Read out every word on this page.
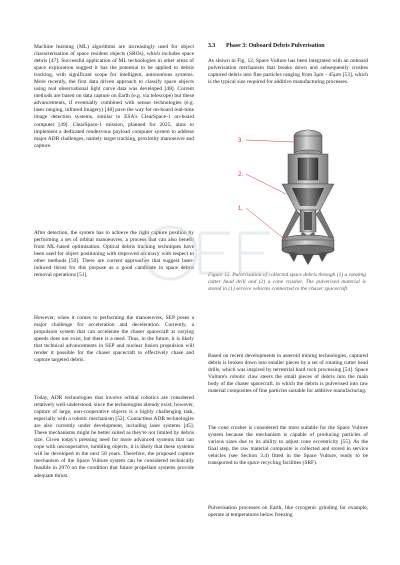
Machine learning (ML) algorithms are increasingly used for object characterisation of space resident objects (SROs), which includes space debris [47]. Successful application of ML technologies in other areas of space exploration suggest it has the potential to be applied to debris tracking, with significant scope for intelligent, autonomous systems. More recently, the first data driven approach to classify space objects using real observational light curve data was developed [48]. Current methods are based on data capture on Earth (e.g. via telescope) but these advancements, if eventually combined with sensor technologies (e.g. laser ranging, infrared imagery) [48] pave the way for on-board real-time image detection systems, similar to ESA's ClearSpace-1 on-board computer [49]. ClearSpace-1 mission, planned for 2025, aims to implement a dedicated rendezvous payload computer system to address major ADR challenges, namely target tracking, proximity manoeuvre and capture.

After detection, the system has to achieve the right capture position by performing a set of orbital manoeuvres, a process that can also benefit from ML-based optimisation. Optical debris tracking techniques have been used for object positioning with improved accuracy with respect to other methods [50]. There are current approaches that suggest laser-induced thrust for this purpose as a good candidate in space debris removal operations [51].

However, when it comes to performing the manoeuvres, SEP poses a major challenge for acceleration and deceleration. Currently, a propulsion system that can accelerate the chaser spacecraft at varying speeds does not exist, but there is a need. Thus, in the future, it is likely that technical advancements in SEP and nuclear fusion propulsion will render it possible for the chaser spacecraft to effectively chase and capture targeted debris.

Today, ADR technologies that involve orbital robotics are considered relatively well-understood, since the technologies already exist; however, capture of large, non-cooperative objects is a highly challenging task, especially with a robotic mechanism [52]. Contactless ADR technologies are also currently under development, including laser systems [45]. These mechanisms might be better suited as they're not limited by debris size. Given today's pressing need for more advanced systems that can cope with uncooperative, tumbling objects, it is likely that these systems will be developed in the next 50 years. Therefore, the proposed capture mechanism of the Space Vulture system can be considered technically feasible in 2070 on the condition that future propellant systems provide adequate thrust.

3.3 Phase 3: Onboard Debris Pulverisation

As shown in Fig. 12, Space Vulture has been integrated with an onboard pulverisation mechanism that breaks down and subsequently crushes captured debris into fine particles ranging from 3μm - 45μm [53], which is the typical size required for additive manufacturing processes.

Based on recent developments in asteroid mining technologies, captured debris is broken down into smaller pieces by a set of rotating cutter head drills, which was inspired by terrestrial hard rock processing [54]. Space Vulture's robotic claw steers the small pieces of debris into the main body of the chaser spacecraft, in which the debris is pulverised into raw material composites of fine particles suitable for additive manufacturing.

The cone crusher is considered the most suitable for the Space Vulture system because the mechanism is capable of producing particles of various sizes due to its ability to adjust cone eccentricity [55]. As the final step, the raw material composite is collected and stored in service vehicles (see Section 3.4) fitted in the Space Vulture, ready to be transported to the space recycling facilities (SRF).

Pulverisation processes on Earth, like cryogenic grinding for example, operate at temperatures below freezing

3.
2.
1.
Figure 12. Pulverisation of collected space debris through (1) a rotating cutter head drill and (2) a cone crusher. The pulverised material is stored in (1) service vehicles connected to the chaser spacecraft.
